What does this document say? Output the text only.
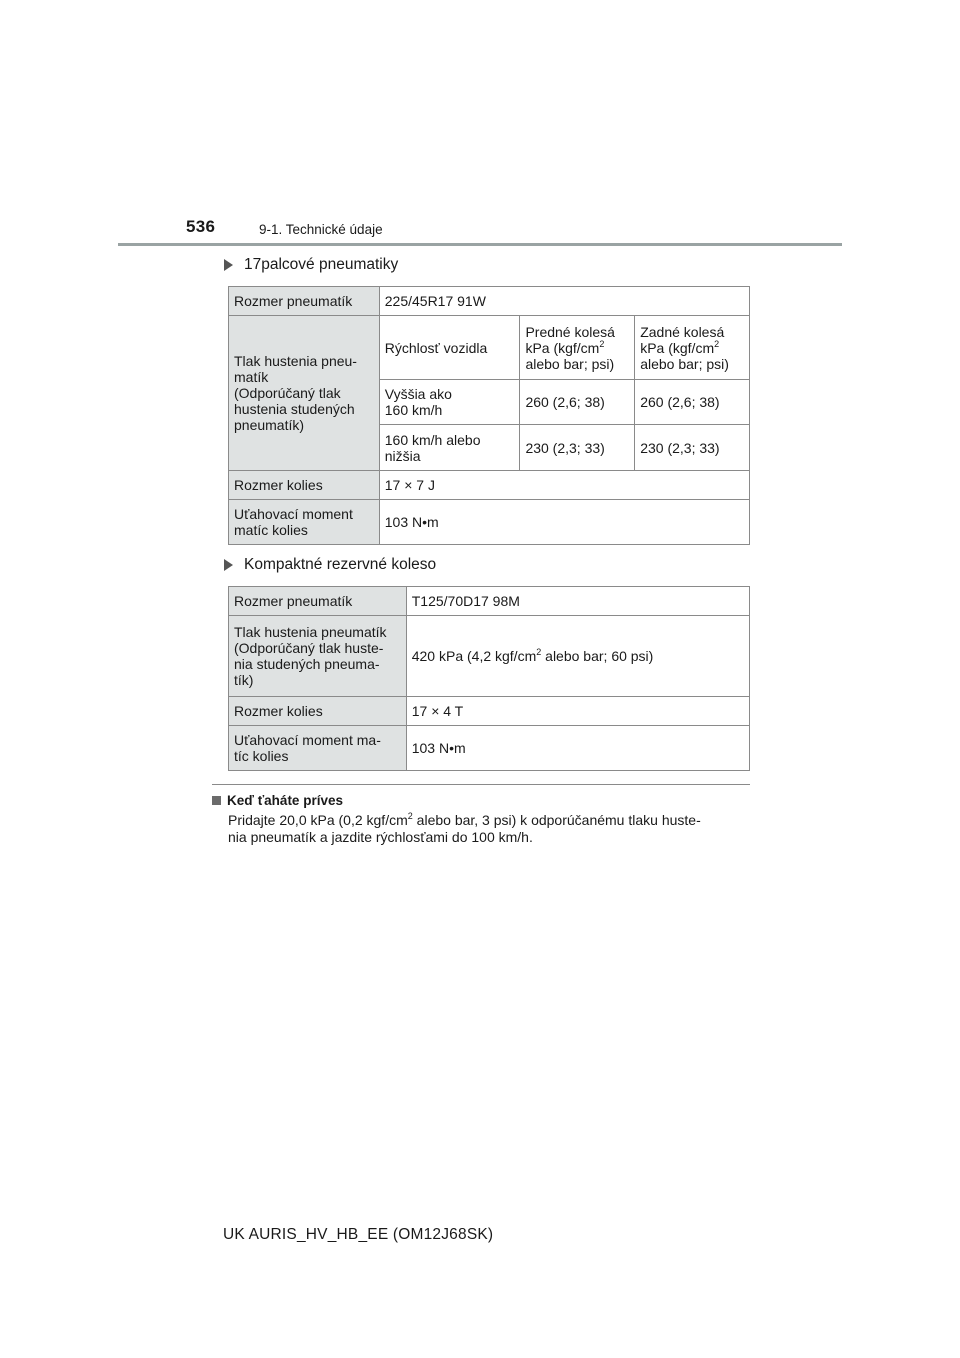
536	9-1. Technické údaje
17palcové pneumatiky
Rozmer pneumatík	225/45R17 91W		
Tlak hustenia pneu-
matík
(Odporúčaný tlak
hustenia studených
pneumatík)	Rýchlosť vozidla	Predné kolesá
kPa ($kgf/cm^2$
alebo bar; psi)	Zadné kolesá
kPa ($kgf/cm^2$
alebo bar; psi)
	Vyššia ako
160 km/h	260 (2,6; 38)	260 (2,6; 38)
	160 km/h alebo
nižšia	230 (2,3; 33)	230 (2,3; 33)
Rozmer kolies	17 × 7 J		
Uťahovací moment
matíc kolies	103 N•m		
Kompaktné rezervné koleso
Rozmer pneumatík	T125/70D17 98M
Tlak hustenia pneumatík
(Odporúčaný tlak huste-
nia studených pneuma-
tík)	420 kPa (4,2 kgf/$cm^2$ alebo bar; 60 psi)
Rozmer kolies	17 × 4 T
Uťahovací moment ma-
tíc kolies	103 N•m
Keď ťaháte príves
Pridajte 20,0 kPa (0,2 kgf/$cm^2$ alebo bar, 3 psi) k odporúčanému tlaku huste-
nia pneumatík a jazdite rýchlosťami do 100 km/h.
UK AURIS_HV_HB_EE (OM12J68SK)
